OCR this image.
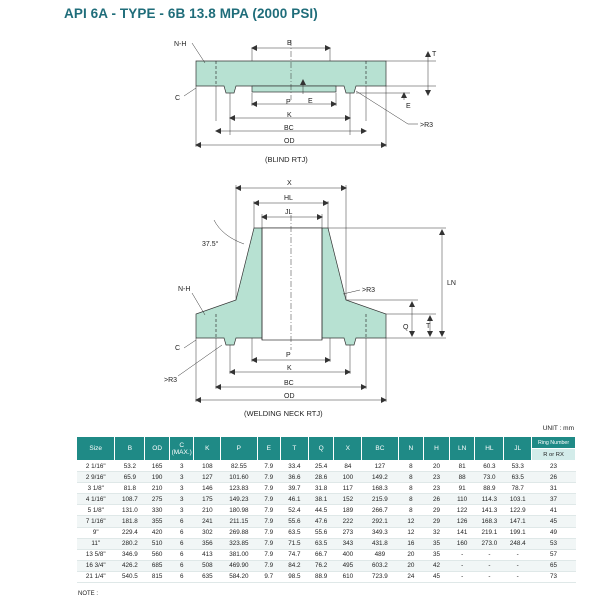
API 6A - TYPE - 6B 13.8 MPA (2000 PSI)
N-H	B
T
C
P E
E
K
BC
OD
>R3
X
HL
JL
37.5°
LN
N-H	>R3
Q	T
C
P
>R3
K
BC
OD
(BLIND RTJ)
(WELDING NECK RTJ)
UNIT : mm
Size	B	OD	C
(MAX.)	K	P	E	T	Q	X	BC	N	H	LN	HL	JL	Ring Number
																R or RX
2 1/16"	53.2	165	3	108	82.55	7.9	33.4	25.4	84	127	8	20	81	60.3	53.3	23
2 9/16"	65.9	190	3	127	101.60	7.9	36.6	28.6	100	149.2	8	23	88	73.0	63.5	26
3 1/8"	81.8	210	3	146	123.83	7.9	39.7	31.8	117	168.3	8	23	91	88.9	78.7	31
4 1/16"	108.7	275	3	175	149.23	7.9	46.1	38.1	152	215.9	8	26	110	114.3	103.1	37
5 1/8"	131.0	330	3	210	180.98	7.9	52.4	44.5	189	266.7	8	29	122	141.3	122.9	41
7 1/16"	181.8	355	6	241	211.15	7.9	55.6	47.6	222	292.1	12	29	126	168.3	147.1	45
9"	229.4	420	6	302	269.88	7.9	63.5	55.6	273	349.3	12	32	141	219.1	199.1	49
11"	280.2	510	6	356	323.85	7.9	71.5	63.5	343	431.8	16	35	160	273.0	248.4	53
13 5/8"	346.9	560	6	413	381.00	7.9	74.7	66.7	400	489	20	35	-	-	-	57
16 3/4"	426.2	685	6	508	469.90	7.9	84.2	76.2	495	603.2	20	42	-	-	-	65
21 1/4"	540.5	815	6	635	584.20	9.7	98.5	88.9	610	723.9	24	45	-	-	-	73
NOTE :
